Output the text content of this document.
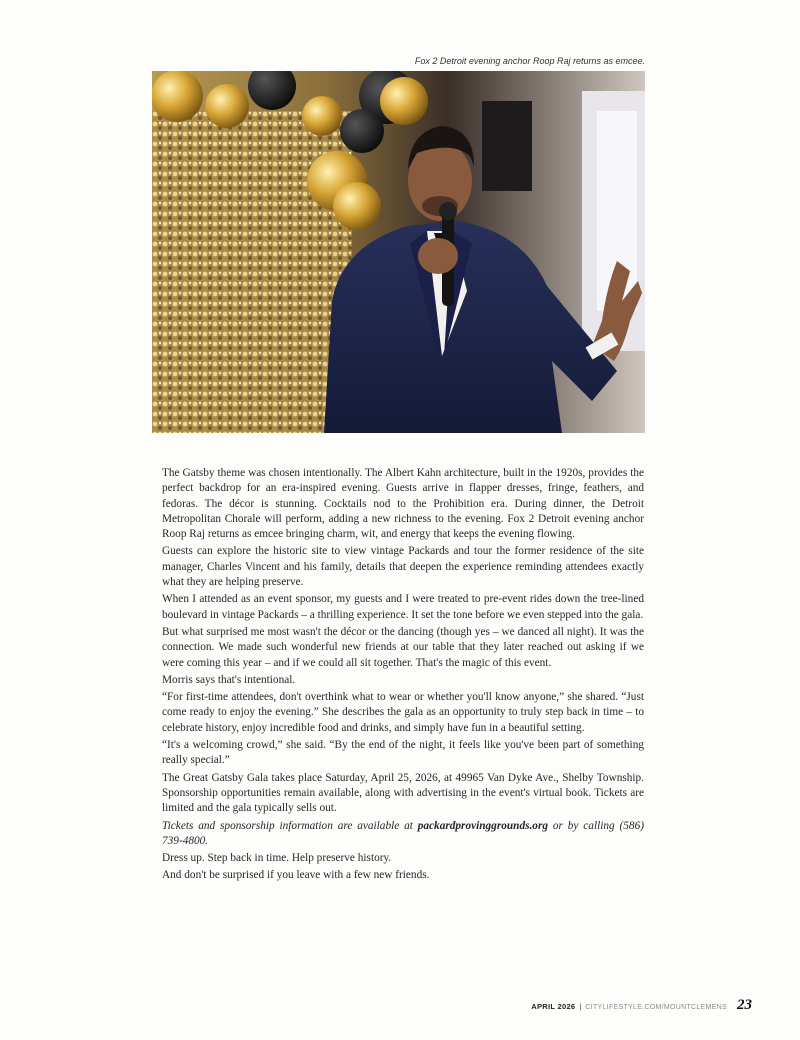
Fox 2 Detroit evening anchor Roop Raj returns as emcee.

The Gatsby theme was chosen intentionally. The Albert Kahn architecture, built in the 1920s, provides the perfect backdrop for an era-inspired evening. Guests arrive in flapper dresses, fringe, feathers, and fedoras. The décor is stunning. Cocktails nod to the Prohibition era. During dinner, the Detroit Metropolitan Chorale will perform, adding a new richness to the evening. Fox 2 Detroit evening anchor Roop Raj returns as emcee bringing charm, wit, and energy that keeps the evening flowing.

Guests can explore the historic site to view vintage Packards and tour the former residence of the site manager, Charles Vincent and his family, details that deepen the experience reminding attendees exactly what they are helping preserve.

When I attended as an event sponsor, my guests and I were treated to pre-event rides down the tree-lined boulevard in vintage Packards – a thrilling experience. It set the tone before we even stepped into the gala.

But what surprised me most wasn't the décor or the dancing (though yes – we danced all night). It was the connection. We made such wonderful new friends at our table that they later reached out asking if we were coming this year – and if we could all sit together. That's the magic of this event.

Morris says that's intentional.

“For first-time attendees, don't overthink what to wear or whether you'll know anyone,” she shared. “Just come ready to enjoy the evening.” She describes the gala as an opportunity to truly step back in time – to celebrate history, enjoy incredible food and drinks, and simply have fun in a beautiful setting.

“It's a welcoming crowd,” she said. “By the end of the night, it feels like you've been part of something really special.”

The Great Gatsby Gala takes place Saturday, April 25, 2026, at 49965 Van Dyke Ave., Shelby Township. Sponsorship opportunities remain available, along with advertising in the event's virtual book. Tickets are limited and the gala typically sells out.

Tickets and sponsorship information are available at packardprovinggrounds.org or by calling (586) 739-4800.

Dress up. Step back in time. Help preserve history.

And don't be surprised if you leave with a few new friends.

APRIL 2026 | CITYLIFESTYLE.COM/MOUNTCLEMENS 23
